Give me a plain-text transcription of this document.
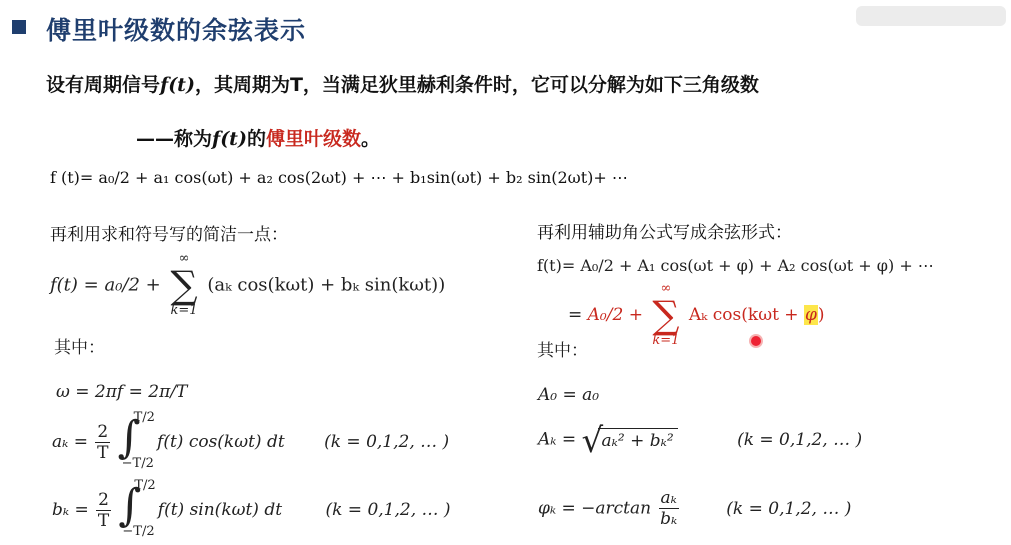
傅里叶级数的余弦表示
设有周期信号f(t)，其周期为T，当满足狄里赫利条件时，它可以分解为如下三角级数
——称为f(t)的傅里叶级数。
f (t)= a₀/2 + a₁ cos(ωt) + a₂ cos(2ωt) + ⋯ + b₁sin(ωt) + b₂ sin(2ωt)+ ⋯
再利用求和符号写的简洁一点：	再利用辅助角公式写成余弦形式：
f(t) = a₀/2 +
∞
∑
k=1
(aₖ cos(kωt) + bₖ sin(kωt))
f(t)= A₀/2 + A₁ cos(ωt + φ) + A₂ cos(ωt + φ) + ⋯
= A₀/2 +
∞
∑
k=1
Aₖ cos(kωt + φ)
其中：	其中：
ω = 2πf = 2π/T
$a_k = \frac{2}{T}$
∫
T/2
−T/2
f(t) cos(kωt) dt (k = 0,1,2, … )
$b_k = \frac{2}{T}$
∫
T/2
−T/2
f(t) sin(kωt) dt	(k = 0,1,2, … )
A₀ = a₀
Aₖ = √
aₖ² + bₖ²	(k = 0,1,2, … )
$\varphi_k = -\arctan \frac{\text{aₖ}}{\text{bₖ}}$	(k = 0,1,2, … )
